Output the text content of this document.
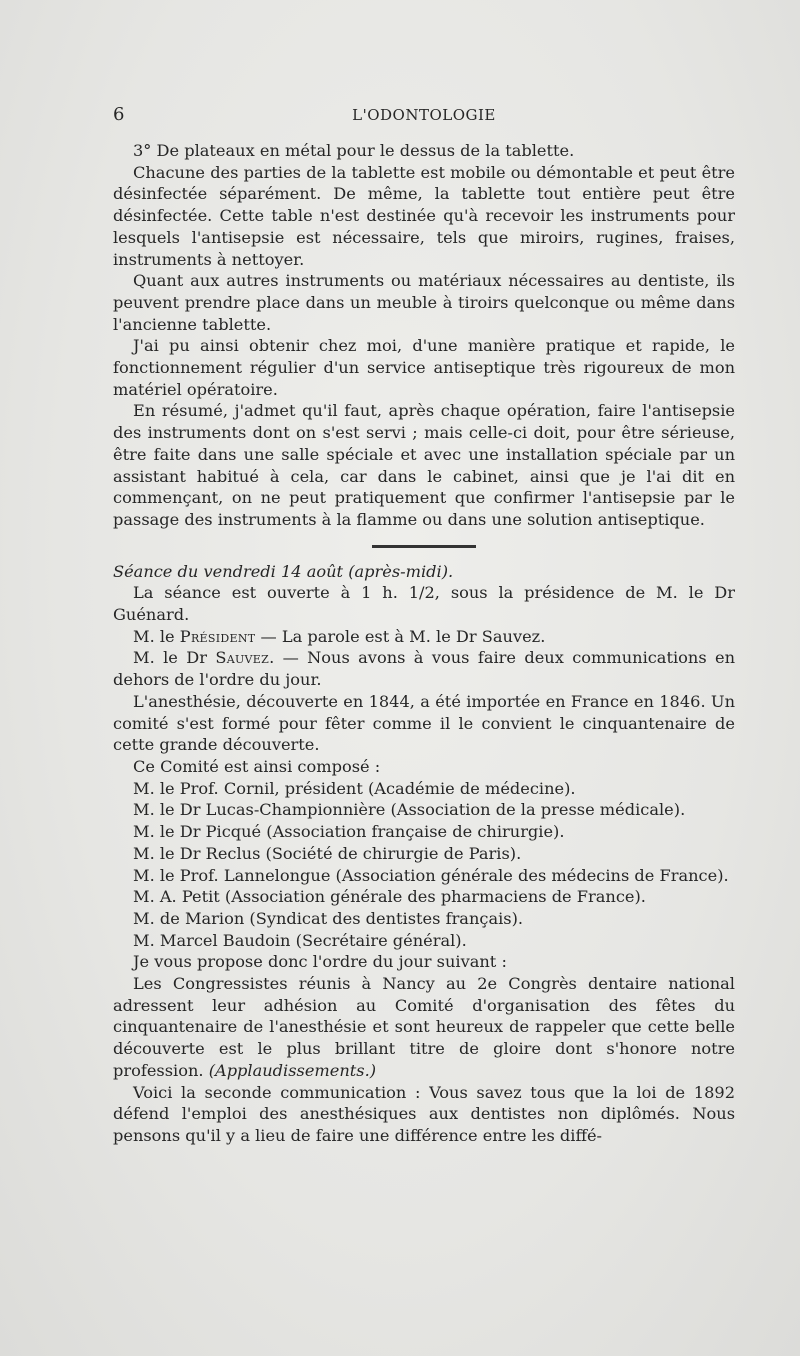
6	L'ODONTOLOGIE

3° De plateaux en métal pour le dessus de la tablette.

Chacune des parties de la tablette est mobile ou démontable et peut être désinfectée séparément. De même, la tablette tout entière peut être désinfectée. Cette table n'est destinée qu'à recevoir les instruments pour lesquels l'antisepsie est nécessaire, tels que miroirs, rugines, fraises, instruments à nettoyer.

Quant aux autres instruments ou matériaux nécessaires au dentiste, ils peuvent prendre place dans un meuble à tiroirs quelconque ou même dans l'ancienne tablette.

J'ai pu ainsi obtenir chez moi, d'une manière pratique et rapide, le fonctionnement régulier d'un service antiseptique très rigoureux de mon matériel opératoire.

En résumé, j'admet qu'il faut, après chaque opération, faire l'antisepsie des instruments dont on s'est servi ; mais celle-ci doit, pour être sérieuse, être faite dans une salle spéciale et avec une installation spéciale par un assistant habitué à cela, car dans le cabinet, ainsi que je l'ai dit en commençant, on ne peut pratiquement que confirmer l'antisepsie par le passage des instruments à la flamme ou dans une solution antiseptique.

Séance du vendredi 14 août (après-midi).

La séance est ouverte à 1 h. 1/2, sous la présidence de M. le Dr Guénard.

M. le Président — La parole est à M. le Dr Sauvez.

M. le Dr Sauvez. — Nous avons à vous faire deux communications en dehors de l'ordre du jour.

L'anesthésie, découverte en 1844, a été importée en France en 1846. Un comité s'est formé pour fêter comme il le convient le cinquantenaire de cette grande découverte.

Ce Comité est ainsi composé :

M. le Prof. Cornil, président (Académie de médecine).

M. le Dr Lucas-Championnière (Association de la presse médicale).

M. le Dr Picqué (Association française de chirurgie).

M. le Dr Reclus (Société de chirurgie de Paris).

M. le Prof. Lannelongue (Association générale des médecins de France).

M. A. Petit (Association générale des pharmaciens de France).

M. de Marion (Syndicat des dentistes français).

M. Marcel Baudoin (Secrétaire général).

Je vous propose donc l'ordre du jour suivant :

Les Congressistes réunis à Nancy au 2e Congrès dentaire national adressent leur adhésion au Comité d'organisation des fêtes du cinquantenaire de l'anesthésie et sont heureux de rappeler que cette belle découverte est le plus brillant titre de gloire dont s'honore notre profession. (Applaudissements.)

Voici la seconde communication : Vous savez tous que la loi de 1892 défend l'emploi des anesthésiques aux dentistes non diplômés. Nous pensons qu'il y a lieu de faire une différence entre les diffé-
